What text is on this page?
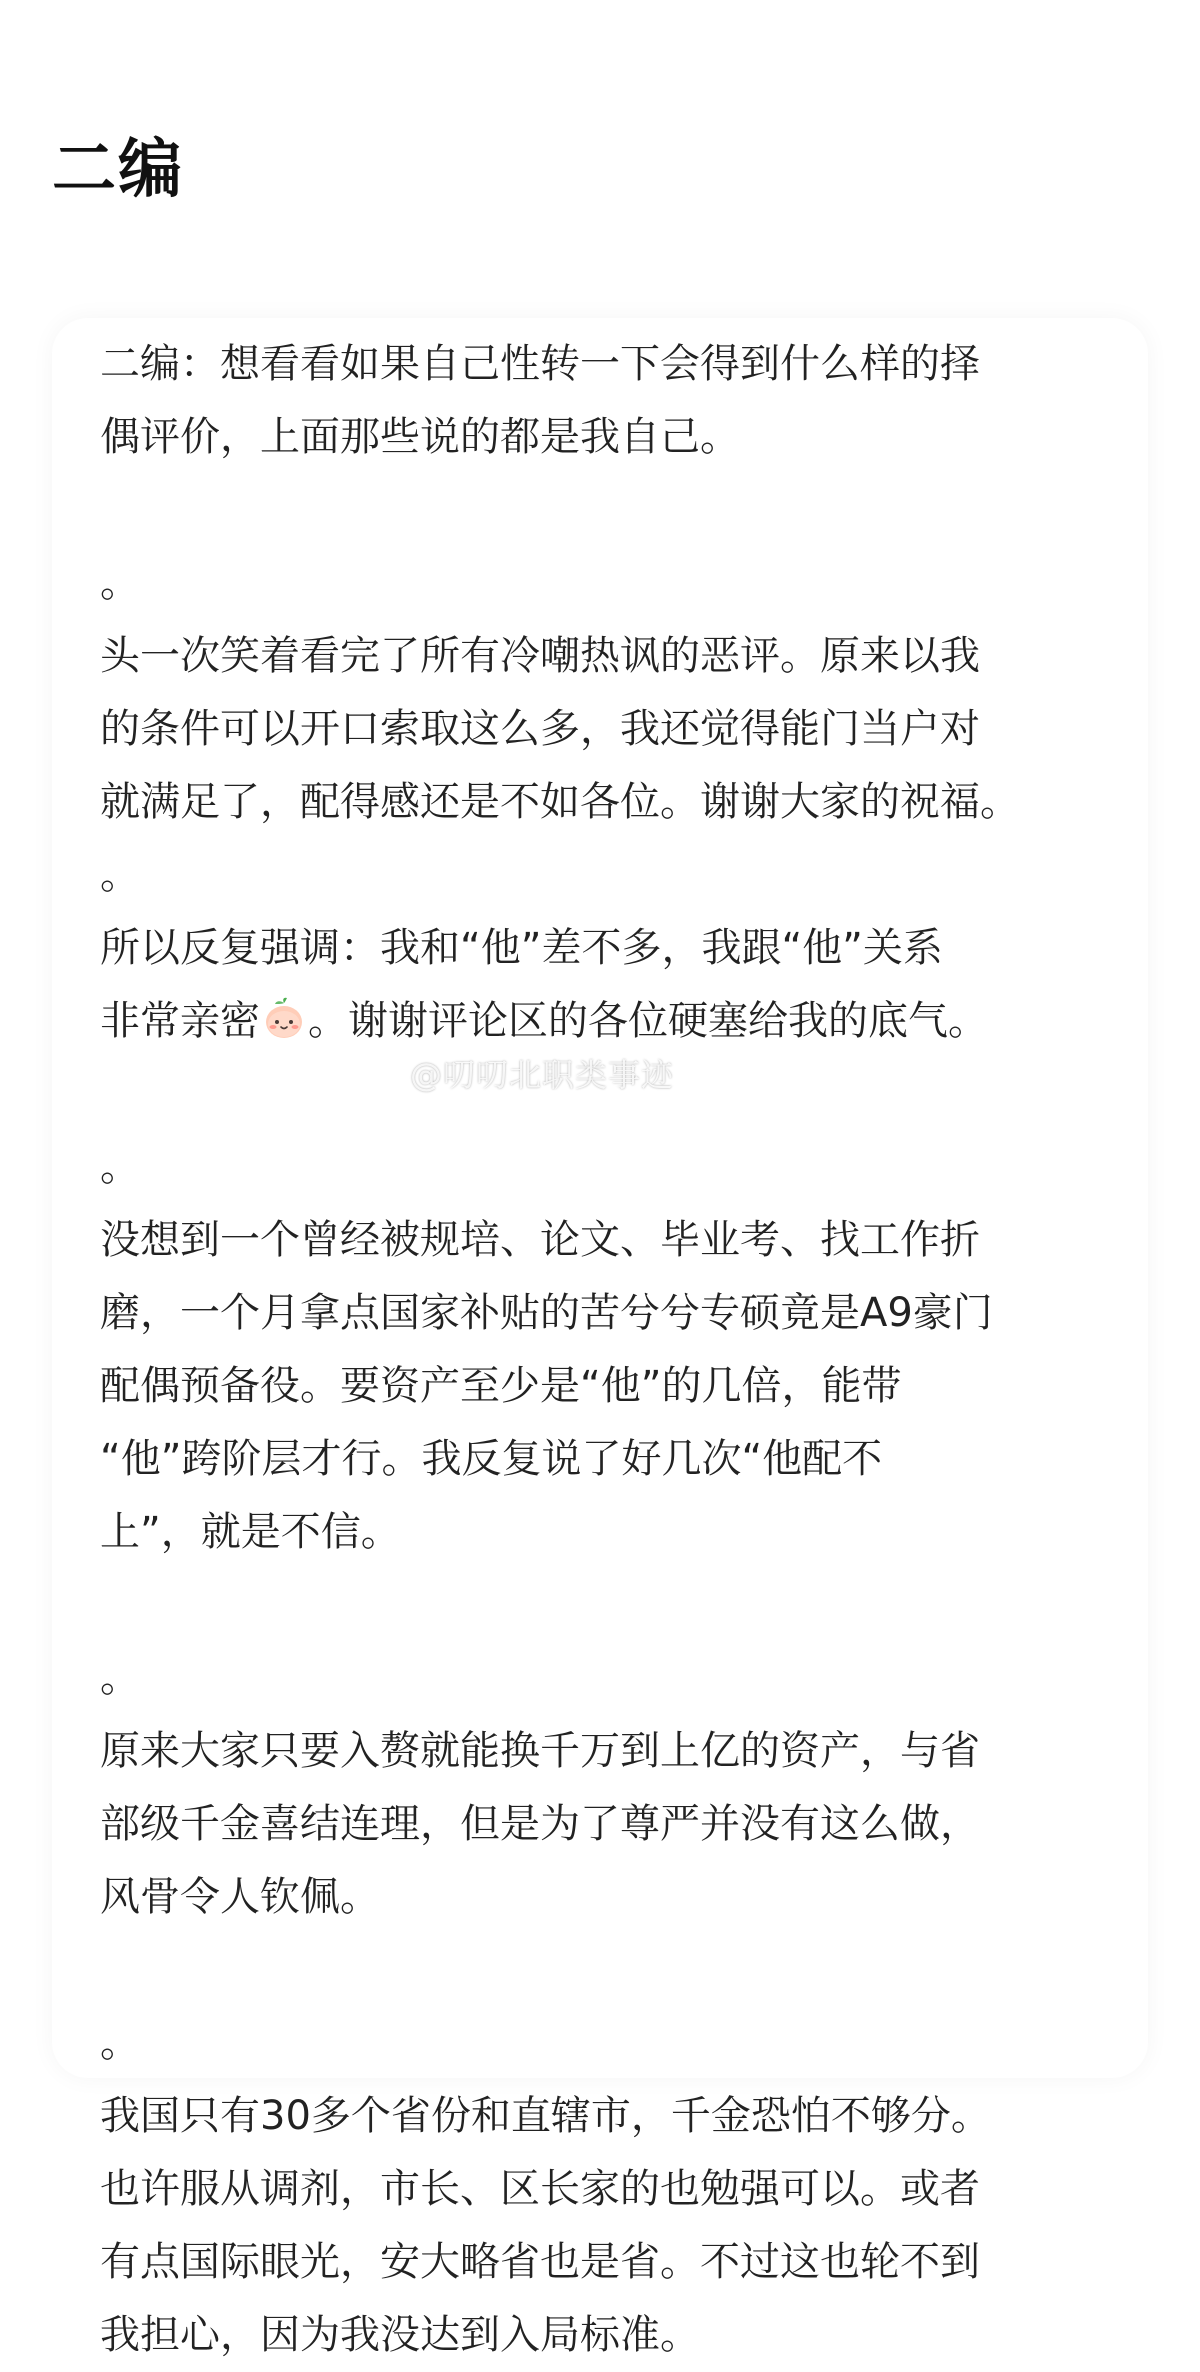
二编
二编：想看看如果自己性转一下会得到什么样的择
偶评价，上面那些说的都是我自己。
。
头一次笑着看完了所有冷嘲热讽的恶评。原来以我
的条件可以开口索取这么多，我还觉得能门当户对
就满足了，配得感还是不如各位。谢谢大家的祝福。
。
所以反复强调：我和“他”差不多，我跟“他”关系
非常亲密 。谢谢评论区的各位硬塞给我的底气。
。
没想到一个曾经被规培、论文、毕业考、找工作折
磨，一个月拿点国家补贴的苦兮兮专硕竟是A9豪门
配偶预备役。要资产至少是“他”的几倍，能带
“他”跨阶层才行。我反复说了好几次“他配不
上”，就是不信。
。
原来大家只要入赘就能换千万到上亿的资产，与省
部级千金喜结连理，但是为了尊严并没有这么做，
风骨令人钦佩。
。
我国只有30多个省份和直辖市，千金恐怕不够分。
也许服从调剂，市长、区长家的也勉强可以。或者
有点国际眼光，安大略省也是省。不过这也轮不到
我担心，因为我没达到入局标准。
@叨叨北职类事迹
